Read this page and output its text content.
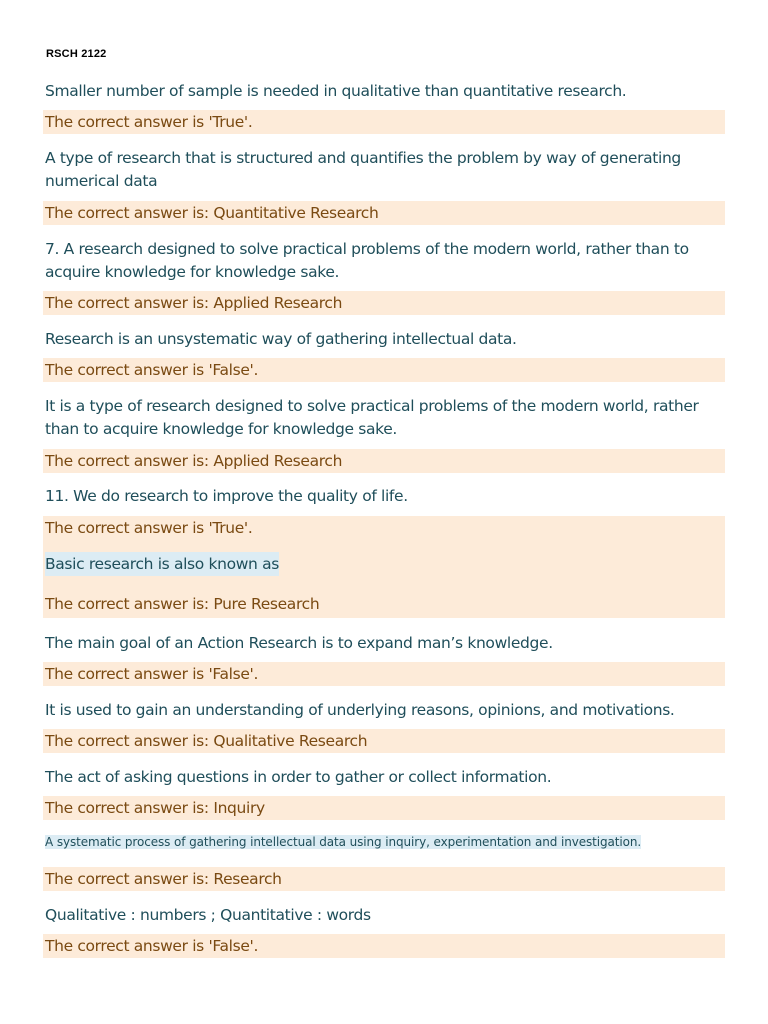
RSCH 2122
Smaller number of sample is needed in qualitative than quantitative research.
The correct answer is 'True'.
A type of research that is structured and quantifies the problem by way of generating
numerical data
The correct answer is: Quantitative Research
7. A research designed to solve practical problems of the modern world, rather than to
acquire knowledge for knowledge sake.
The correct answer is: Applied Research
Research is an unsystematic way of gathering intellectual data.
The correct answer is 'False'.
It is a type of research designed to solve practical problems of the modern world, rather
than to acquire knowledge for knowledge sake.
The correct answer is: Applied Research
11. We do research to improve the quality of life.
The correct answer is 'True'.
Basic research is also known as
The correct answer is: Pure Research
The main goal of an Action Research is to expand man’s knowledge.
The correct answer is 'False'.
It is used to gain an understanding of underlying reasons, opinions, and motivations.
The correct answer is: Qualitative Research
The act of asking questions in order to gather or collect information.
The correct answer is: Inquiry
A systematic process of gathering intellectual data using inquiry, experimentation and investigation.
The correct answer is: Research
Qualitative : numbers ; Quantitative : words
The correct answer is 'False'.
